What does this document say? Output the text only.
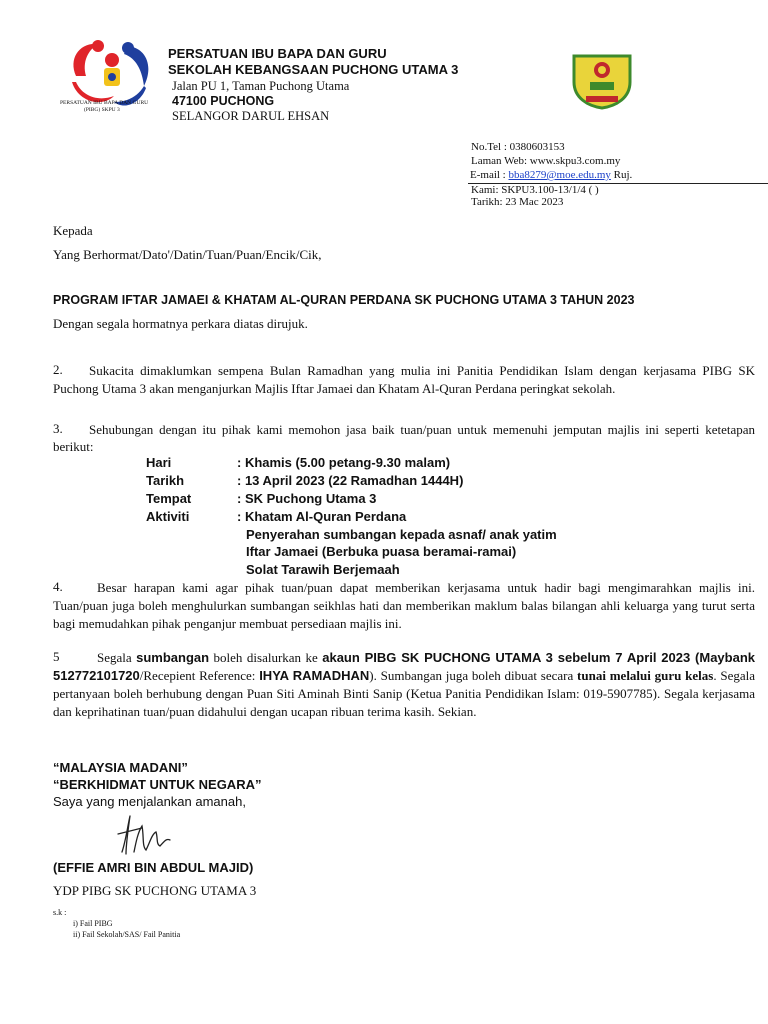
PERSATUAN IBU BAPA DAN GURU
(PIBG) SKPU 3
PERSATUAN IBU BAPA DAN GURU
SEKOLAH KEBANGSAAN PUCHONG UTAMA 3
Jalan PU 1, Taman Puchong Utama
47100 PUCHONG
SELANGOR DARUL EHSAN
No.Tel : 0380603153
Laman Web: www.skpu3.com.my
E-mail : bba8279@moe.edu.my Ruj.
Kami: SKPU3.100-13/1/4 ( )
Tarikh: 23 Mac 2023
Kepada
Yang Berhormat/Dato'/Datin/Tuan/Puan/Encik/Cik,
PROGRAM IFTAR JAMAEI & KHATAM AL-QURAN PERDANA SK PUCHONG UTAMA 3 TAHUN 2023
Dengan segala hormatnya perkara diatas dirujuk.
2.	Sukacita dimaklumkan sempena Bulan Ramadhan yang mulia ini Panitia Pendidikan Islam dengan kerjasama PIBG SK Puchong Utama 3 akan menganjurkan Majlis Iftar Jamaei dan Khatam Al-Quran Perdana peringkat sekolah.
3.	Sehubungan dengan itu pihak kami memohon jasa baik tuan/puan untuk memenuhi jemputan majlis ini seperti ketetapan berikut:
Hari	: Khamis (5.00 petang-9.30 malam)
Tarikh	: 13 April 2023 (22 Ramadhan 1444H)
Tempat	: SK Puchong Utama 3
Aktiviti	: Khatam Al-Quran Perdana
Penyerahan sumbangan kepada asnaf/ anak yatim
Iftar Jamaei (Berbuka puasa beramai-ramai)
Solat Tarawih Berjemaah
4.	Besar harapan kami agar pihak tuan/puan dapat memberikan kerjasama untuk hadir bagi mengimarahkan majlis ini. Tuan/puan juga boleh menghulurkan sumbangan seikhlas hati dan memberikan maklum balas bilangan ahli keluarga yang turut serta bagi memudahkan pihak penganjur membuat persediaan majlis ini.
5	Segala sumbangan boleh disalurkan ke akaun PIBG SK PUCHONG UTAMA 3 sebelum 7 April 2023 (Maybank 512772101720/Recepient Reference: IHYA RAMADHAN). Sumbangan juga boleh dibuat secara tunai melalui guru kelas. Segala pertanyaan boleh berhubung dengan Puan Siti Aminah Binti Sanip (Ketua Panitia Pendidikan Islam: 019-5907785). Segala kerjasama dan keprihatinan tuan/puan didahului dengan ucapan ribuan terima kasih. Sekian.
“MALAYSIA MADANI”
“BERKHIDMAT UNTUK NEGARA”
Saya yang menjalankan amanah,
(EFFIE AMRI BIN ABDUL MAJID)
YDP PIBG SK PUCHONG UTAMA 3
s.k :
i) Fail PIBG
ii) Fail Sekolah/SAS/ Fail Panitia
